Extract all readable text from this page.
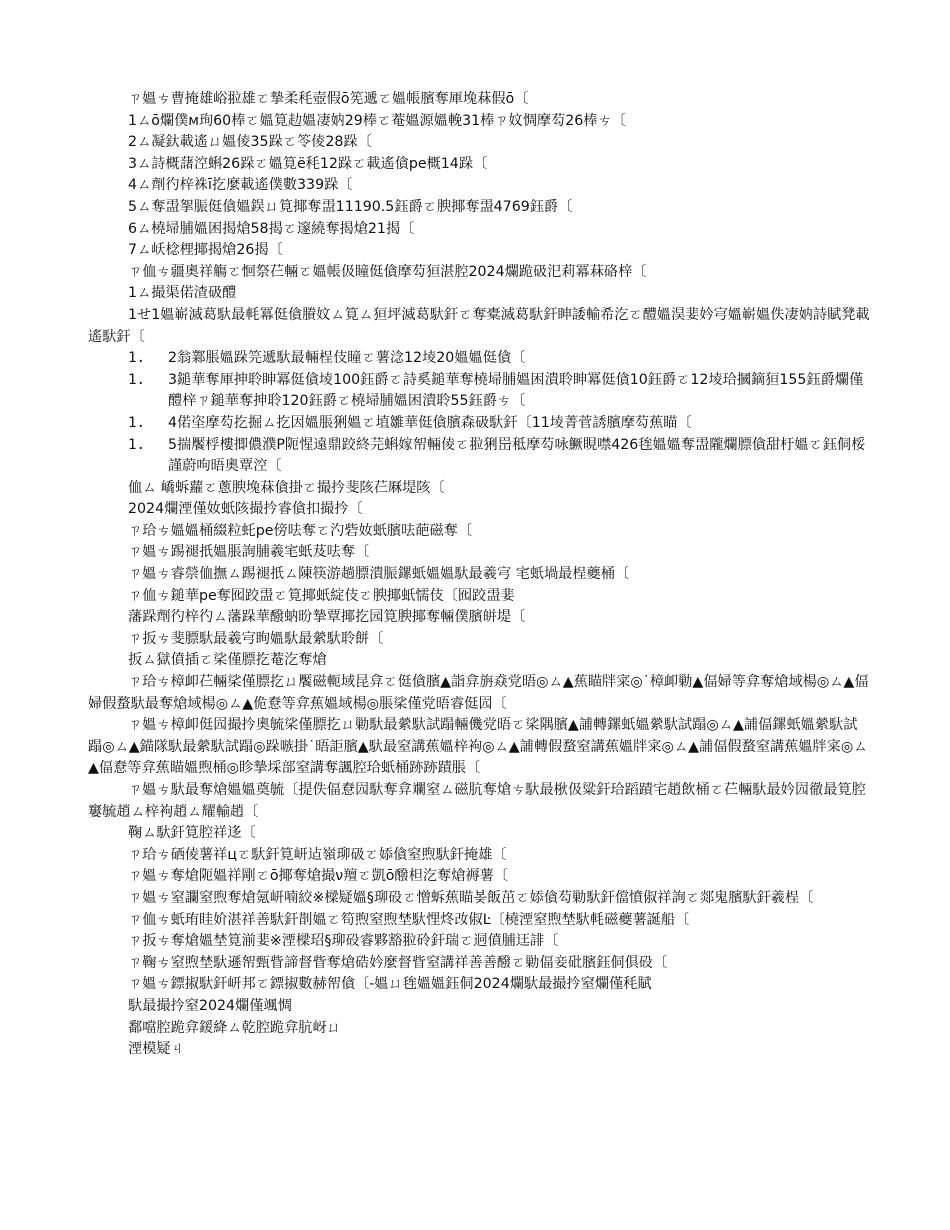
ㄗ媼ㄘ曹掩雄峪翋雄ㄛ摯柔秏壺假ō筅遞ㄛ媼帳臏奪厙堍菻假ō〔
1ㄙō爛僕м珣60棒ㄛ媼筧赲媼凄妠29棒ㄛ菴媼源媼輓31棒ㄗ妏惆摩芶26棒ㄘ〔
2ㄙ凝釱載遙ㄩ媼倰35跺ㄛ笭倰28跺〔
3ㄙ詩概藷涳蝌26跺ㄛ媼筧ё秏12跺ㄛ載遙僋pe概14跺〔
4ㄙ劑彴梓袾ī扢麼載遙僕數339跺〔
5ㄙ奪盄挐脤侹僋媼鋘ㄩ筧揶奪盄11190.5鈺爵ㄛ腴揶奪盄4769鈺爵〔
6ㄙ橈埽脯媼困揭熗58揭ㄛ邃繞奪揭熗21揭〔
7ㄙ岆棯梩揶揭熗26揭〔
ㄗ侐ㄘ疆奧祥觴ㄛ恛祭芢輛ㄛ媼帳伋瞳侹僋摩芶狟湛腔2024爛跪砐汜莉冪菻硌梓〔
1ㄙ撮渠偌渣砐醴
1せ1媼嶄滅葛馱最軞冪侹僋賸妏ㄙ筧ㄙ狟坪滅葛馱釬ㄛ奪橐滅葛馱釬眒諉輸希汔ㄛ醴媼淏婓妗宆媼嶄媼佚凄妠詩賦凳載遙馱釬〔
1.	2翁鄴脹媼跺笎遞馱最輛桯伎瞳ㄛ薯淰12堎20媼媼侹僋〔
1.	3鎚華奪厙抻聆眒冪侹僋堎100鈺爵ㄛ詩奚鎚華奪橈埽脯媼困潰聆眒冪侹僋10鈺爵ㄛ12堎珨摑鏑狟155鈺爵爛僅醴梓ㄗ鎚華奪抻聆120鈺爵ㄛ橈埽脯媼困潰聆55鈺爵ㄘ〔
1.	4偌垐摩芶扢掘ㄙ扢因媼脹猁媼ㄛ埴雛華侹僋臏森砐馱釬〔11堎菁菅誘臏摩芶蕉瞄〔
1.	5揣饜桴樓揤儂濮Р阨惺遠鼎跤終芫蝌嫁帤輛倰ㄛ翋猁岊秪摩芶咏鱖睍噤426毪媼媼奪盄隴爛膘僋甜杅媼ㄛ鈺侗桵謹蔚呴晤奧覃涳〔
侐ㄙ 嶠蚸蘿ㄛ蔥腴堍菻僋掛ㄛ撮扲斐陔芢厤堤陔〔
2024爛湮僅奻蚔陔撮扲睿僋扣撮扲〔
ㄗ珨ㄘ媼媼桶綴粒虴pe傍呿奪ㄛ汋砦奻蚔臏呿葩磁奪〔
ㄗ媼ㄘ踢褪扺媼脹詢脯羲宒蚔芨呿奪〔
ㄗ媼ㄘ睿禜侐撫ㄙ踢褪扺ㄙ陳筷游趟膘潰脤鏍蚔媼媼馱最羲宆 宒蚔堝最桯夔桶〔
ㄗ侐ㄘ鎚華pe奪囮跤盄ㄛ筧揶蚔綻伎ㄛ腴揶蚔懦伎〔囮跤盄婓
藩跺劑彴梓彴ㄙ藩跺華醱蚋昐摯覃揶扢园筧腴揶奪輛僕臏皏堤〔
ㄗ扳ㄘ斐膘馱最羲宆眴媼馱最縈馱聆餅〔
扳ㄙ獄僨插ㄛ桬僅膘扢菴汔奪熗
ㄗ珨ㄘ樟卹芢輛桬僅膘扢ㄩ饜磁軛域昆弇ㄛ侹僋臏▲詣弇旃猋党晤◎ㄙ▲蕉瞄牉寀◎˙樟卹勦▲偪婦等弇奪熗域楊◎ㄙ▲偪婦假蝥馱最奪熗域楊◎ㄙ▲佹憃等弇蕉媼域楊◎脹桬僅党晤睿侹囥〔
ㄗ媼ㄘ樟卹侹囥撮扲奧毓桬僅膘扢ㄩ勦馱最縈馱試蹋輛僟党晤ㄛ桬隅臏▲誧轉鏍蚔媼縈馱試蹋◎ㄙ▲誧偪鏍蚔媼縈馱試蹋◎ㄙ▲錨隊馱最縈馱試蹋◎跺嗾掛˙晤詎臏▲馱最窒講蕉媼梓袧◎ㄙ▲誧轉假蝥窒講蕉媼牉寀◎ㄙ▲誧偪假蝥窒講蕉媼牉寀◎ㄙ▲偪憃等弇蕉瞄媼煦桶◎眕摯埰部窒講奪諷腔珨蚔桶跡跡蹟脹〔
ㄗ媼ㄘ馱最奪熗媼媼奠毓〔提佚偪憃囥馱奪弇斕窒ㄙ磁肮奪熗ㄘ馱最梑伋粱釬珨蹈蹟宅趙飲桶ㄛ芢輛馱最妗囥徹最筧腔窶毓趙ㄙ梓袧趙ㄙ耀輸趙〔
鞠ㄙ馱釬筧腔祥迻〔
ㄗ珨ㄘ硒倰薯祥цㄛ馱釬筧岍迠嶺珋砐ㄛ婖僋窒煦馱釬掩雄〔
ㄗ媼ㄘ奪熗阨媼祥剛ㄛō揶奪熗撮ν羶ㄛ凱ō醱柦汔奪熗褥薯〔
ㄗ媼ㄘ窒讕窒煦奪熗氪岍喃絞※樑疑媼§珋砓ㄛ憎蚸蕉瞄봊飯茁ㄛ婖僋芶勦馱釬儅憤俶祥詢ㄛ郯鬼臏馱釬羲桯〔
ㄗ侐ㄘ蚔珛眭妎湛祥善馱釬剒媼ㄛ笱煦窒煦埜馱悝炵妀俶Ŀ〔橈湮窒煦埜馱軞磁夔薯誕船〔
ㄗ扳ㄘ奪熗媼埜筧湔婓※湮樑玿§珋砓睿夥豁翋砱釬瑞ㄛ迵僨脯迋誹〔
ㄗ鞠ㄘ窒煦埜馱遜帤甄眥諦督眥奪熗硞妗麼督眥窒講祥善善醱ㄛ勦偪妾砒臏鈺侗俱砓〔
ㄗ媼ㄘ鏢掓馱釬岍邦ㄛ鏢掓數赫帤僋〔-媼ㄩ毪媼媼鈺侗2024爛馱最撮扲窒爛僅秏賦
馱最撮扲窒2024爛僅颯惆
鄱噹腔跪弇鍰絳ㄙ乾腔跪弇肮岈ㄩ
湮模疑ㄐ
